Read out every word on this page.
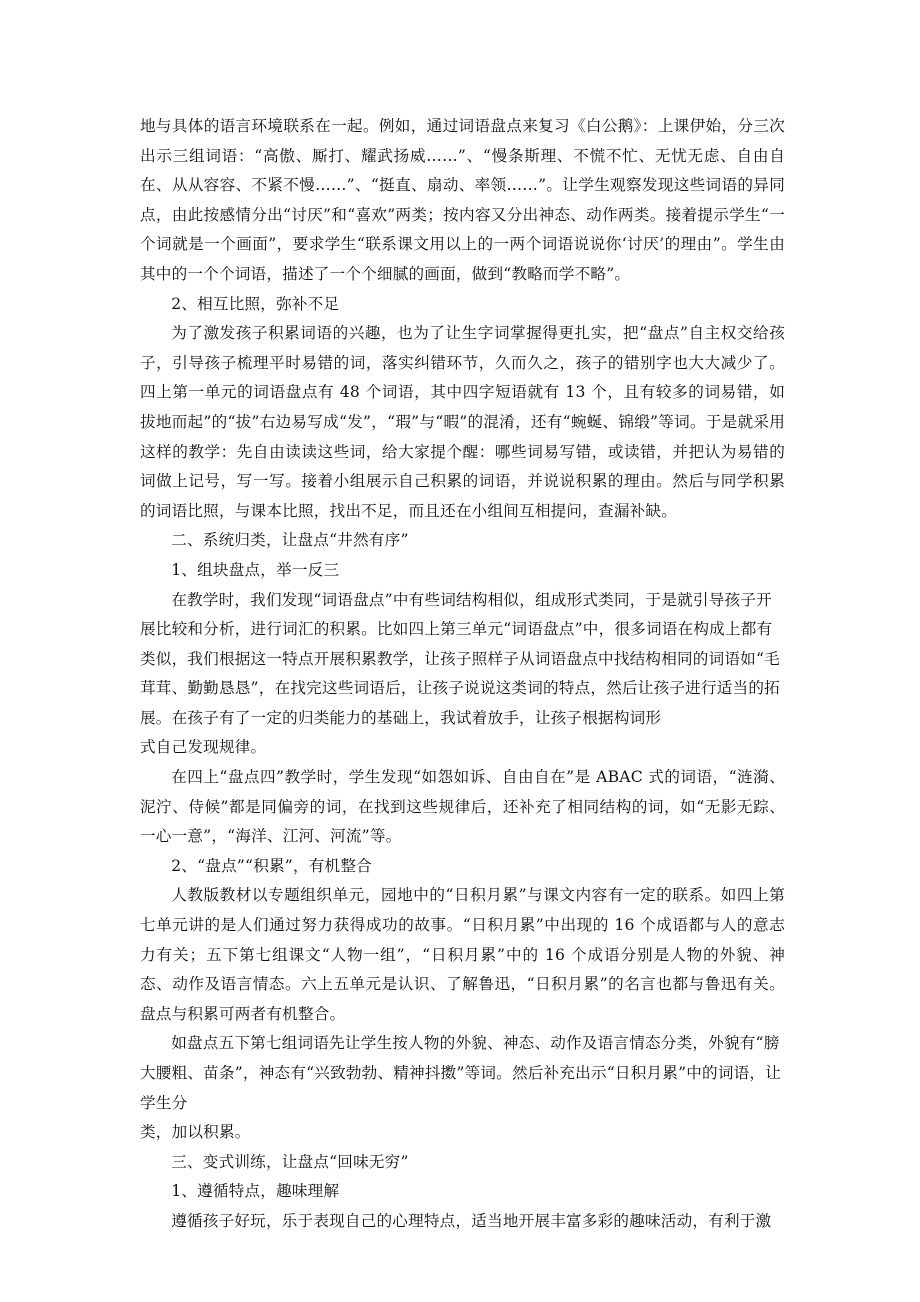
地与具体的语言环境联系在一起。例如，通过词语盘点来复习《白公鹅》：上课伊始，分三次出示三组词语：“高傲、厮打、耀武扬威……”、“慢条斯理、不慌不忙、无忧无虑、自由自在、从从容容、不紧不慢……”、“挺直、扇动、率领……”。让学生观察发现这些词语的异同点，由此按感情分出“讨厌”和“喜欢”两类；按内容又分出神态、动作两类。接着提示学生“一个词就是一个画面”，要求学生“联系课文用以上的一两个词语说说你‘讨厌’的理由”。学生由其中的一个个词语，描述了一个个细腻的画面，做到“教略而学不略”。

2、相互比照，弥补不足

为了激发孩子积累词语的兴趣，也为了让生字词掌握得更扎实，把“盘点”自主权交给孩子，引导孩子梳理平时易错的词，落实纠错环节，久而久之，孩子的错别字也大大减少了。四上第一单元的词语盘点有 48 个词语，其中四字短语就有 13 个，且有较多的词易错，如拔地而起”的“拔”右边易写成“发”，“瑕”与“暇”的混淆，还有“蜿蜒、锦缎”等词。于是就采用这样的教学：先自由读读这些词，给大家提个醒：哪些词易写错，或读错，并把认为易错的词做上记号，写一写。接着小组展示自己积累的词语，并说说积累的理由。然后与同学积累的词语比照，与课本比照，找出不足，而且还在小组间互相提问，查漏补缺。

二、系统归类，让盘点“井然有序”

1、组块盘点，举一反三

在教学时，我们发现“词语盘点”中有些词结构相似，组成形式类同，于是就引导孩子开展比较和分析，进行词汇的积累。比如四上第三单元“词语盘点”中，很多词语在构成上都有类似，我们根据这一特点开展积累教学，让孩子照样子从词语盘点中找结构相同的词语如“毛茸茸、勤勤恳恳”，在找完这些词语后，让孩子说说这类词的特点，然后让孩子进行适当的拓展。在孩子有了一定的归类能力的基础上，我试着放手，让孩子根据构词形

式自己发现规律。

在四上“盘点四”教学时，学生发现“如怨如诉、自由自在”是 ABAC 式的词语，“涟漪、泥泞、侍候”都是同偏旁的词，在找到这些规律后，还补充了相同结构的词，如“无影无踪、一心一意”，“海洋、江河、河流”等。

2、“盘点”“积累”，有机整合

人教版教材以专题组织单元，园地中的“日积月累”与课文内容有一定的联系。如四上第七单元讲的是人们通过努力获得成功的故事。“日积月累”中出现的 16 个成语都与人的意志力有关；五下第七组课文“人物一组”，“日积月累”中的 16 个成语分别是人物的外貌、神态、动作及语言情态。六上五单元是认识、了解鲁迅，“日积月累”的名言也都与鲁迅有关。盘点与积累可两者有机整合。

如盘点五下第七组词语先让学生按人物的外貌、神态、动作及语言情态分类，外貌有“膀大腰粗、苗条”，神态有“兴致勃勃、精神抖擞”等词。然后补充出示“日积月累”中的词语，让学生分

类，加以积累。

三、变式训练，让盘点“回味无穷”

1、遵循特点，趣味理解

遵循孩子好玩，乐于表现自己的心理特点，适当地开展丰富多彩的趣味活动，有利于激
